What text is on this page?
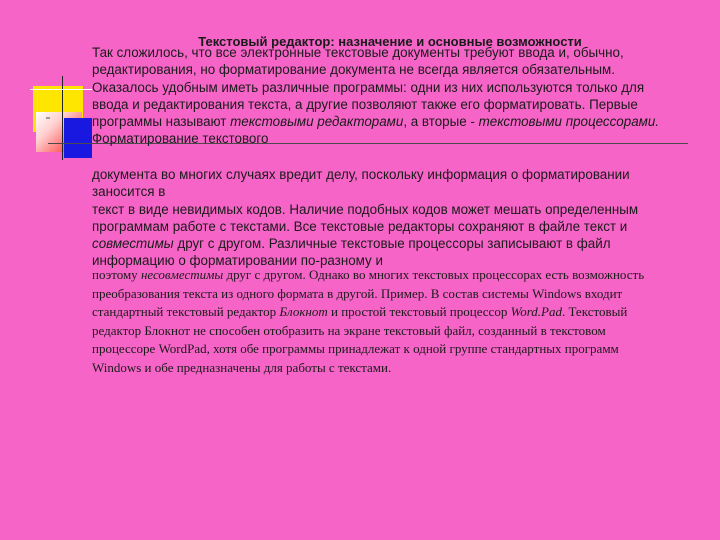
Текстовый редактор: назначение и основные возможности

Так сложилось, что все электронные текстовые документы требуют ввода и, обычно,
редактирования, но форматирование документа не всегда является обязательным.
Оказалось удобным иметь различные программы: одни из них используются только для
ввода и редактирования текста, а другие позволяют также его форматировать. Первые
программы называют текстовыми редакторами, а вторые - текстовыми процессорами.
Форматирование текстового

документа во многих случаях вредит делу, поскольку информация о форматировании
заносится в
текст в виде невидимых кодов. Наличие подобных кодов может мешать определенным
программам работе с текстами. Все текстовые редакторы сохраняют в файле текст и
совместимы друг с другом. Различные текстовые процессоры записывают в файл
информацию о форматировании по-разному и

поэтому несовместимы друг с другом. Однако во многих текстовых процессорах есть возможность
преобразования текста из одного формата в другой. Пример. В состав системы Windows входит
стандартный текстовый редактор Блокнот и простой текстовый процессор Word.Pad. Текстовый
редактор Блокнот не способен отобразить на экране текстовый файл, созданный в текстовом
процессоре WordPad, хотя обе программы принадлежат к одной группе стандартных программ
Windows и обе предназначены для работы с текстами.
